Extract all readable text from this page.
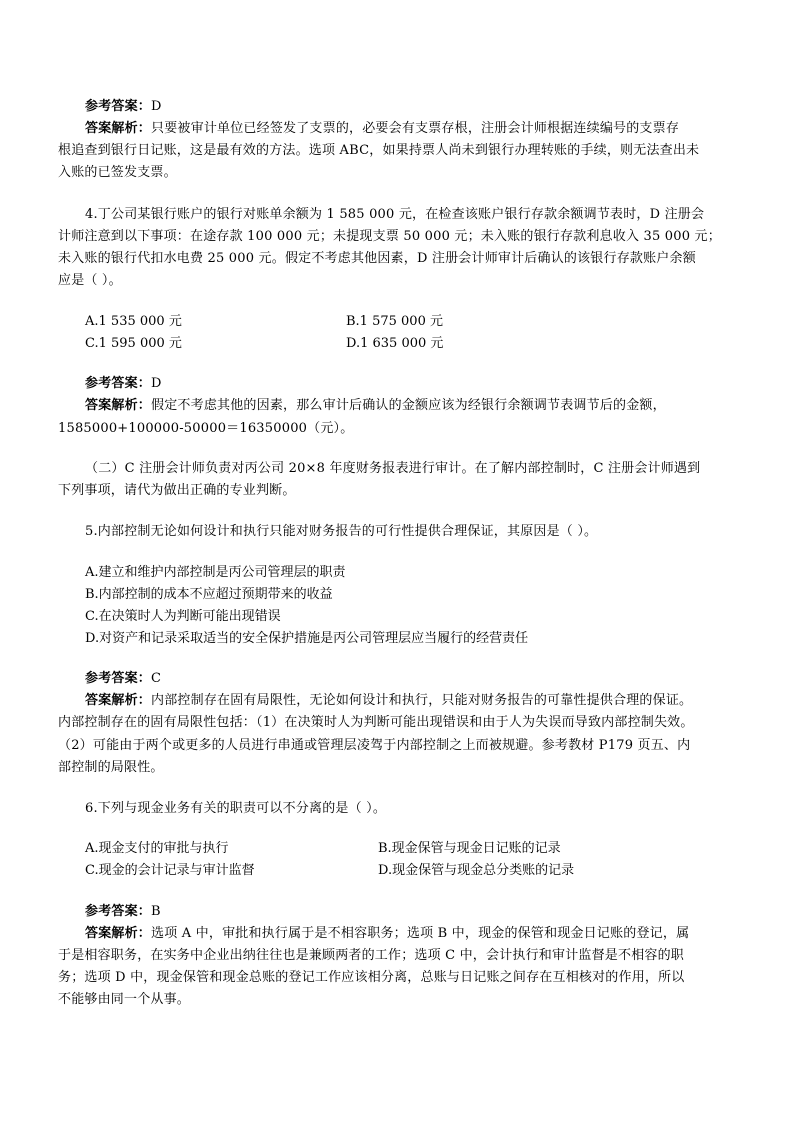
参考答案：D
答案解析：只要被审计单位已经签发了支票的，必要会有支票存根，注册会计师根据连续编号的支票存
根追查到银行日记账，这是最有效的方法。选项 ABC，如果持票人尚未到银行办理转账的手续，则无法查出未
入账的已签发支票。
4.丁公司某银行账户的银行对账单余额为 1 585 000 元，在检查该账户银行存款余额调节表时，D 注册会
计师注意到以下事项：在途存款 100 000 元；未提现支票 50 000 元；未入账的银行存款利息收入 35 000 元；
未入账的银行代扣水电费 25 000 元。假定不考虑其他因素，D 注册会计师审计后确认的该银行存款账户余额
应是（ ）。
A.1 535 000 元	B.1 575 000 元
C.1 595 000 元	D.1 635 000 元
参考答案：D
答案解析：假定不考虑其他的因素，那么审计后确认的金额应该为经银行余额调节表调节后的金额，
1585000+100000-50000＝16350000（元）。
（二）C 注册会计师负责对丙公司 20×8 年度财务报表进行审计。在了解内部控制时，C 注册会计师遇到
下列事项，请代为做出正确的专业判断。
5.内部控制无论如何设计和执行只能对财务报告的可行性提供合理保证，其原因是（ ）。
A.建立和维护内部控制是丙公司管理层的职责
B.内部控制的成本不应超过预期带来的收益
C.在决策时人为判断可能出现错误
D.对资产和记录采取适当的安全保护措施是丙公司管理层应当履行的经营责任
参考答案：C
答案解析：内部控制存在固有局限性，无论如何设计和执行，只能对财务报告的可靠性提供合理的保证。
内部控制存在的固有局限性包括：（1）在决策时人为判断可能出现错误和由于人为失误而导致内部控制失效。
（2）可能由于两个或更多的人员进行串通或管理层凌驾于内部控制之上而被规避。参考教材 P179 页五、内
部控制的局限性。
6.下列与现金业务有关的职责可以不分离的是（ ）。
A.现金支付的审批与执行	B.现金保管与现金日记账的记录
C.现金的会计记录与审计监督	D.现金保管与现金总分类账的记录
参考答案：B
答案解析：选项 A 中，审批和执行属于是不相容职务；选项 B 中，现金的保管和现金日记账的登记，属
于是相容职务，在实务中企业出纳往往也是兼顾两者的工作；选项 C 中，会计执行和审计监督是不相容的职
务；选项 D 中，现金保管和现金总账的登记工作应该相分离，总账与日记账之间存在互相核对的作用，所以
不能够由同一个从事。
